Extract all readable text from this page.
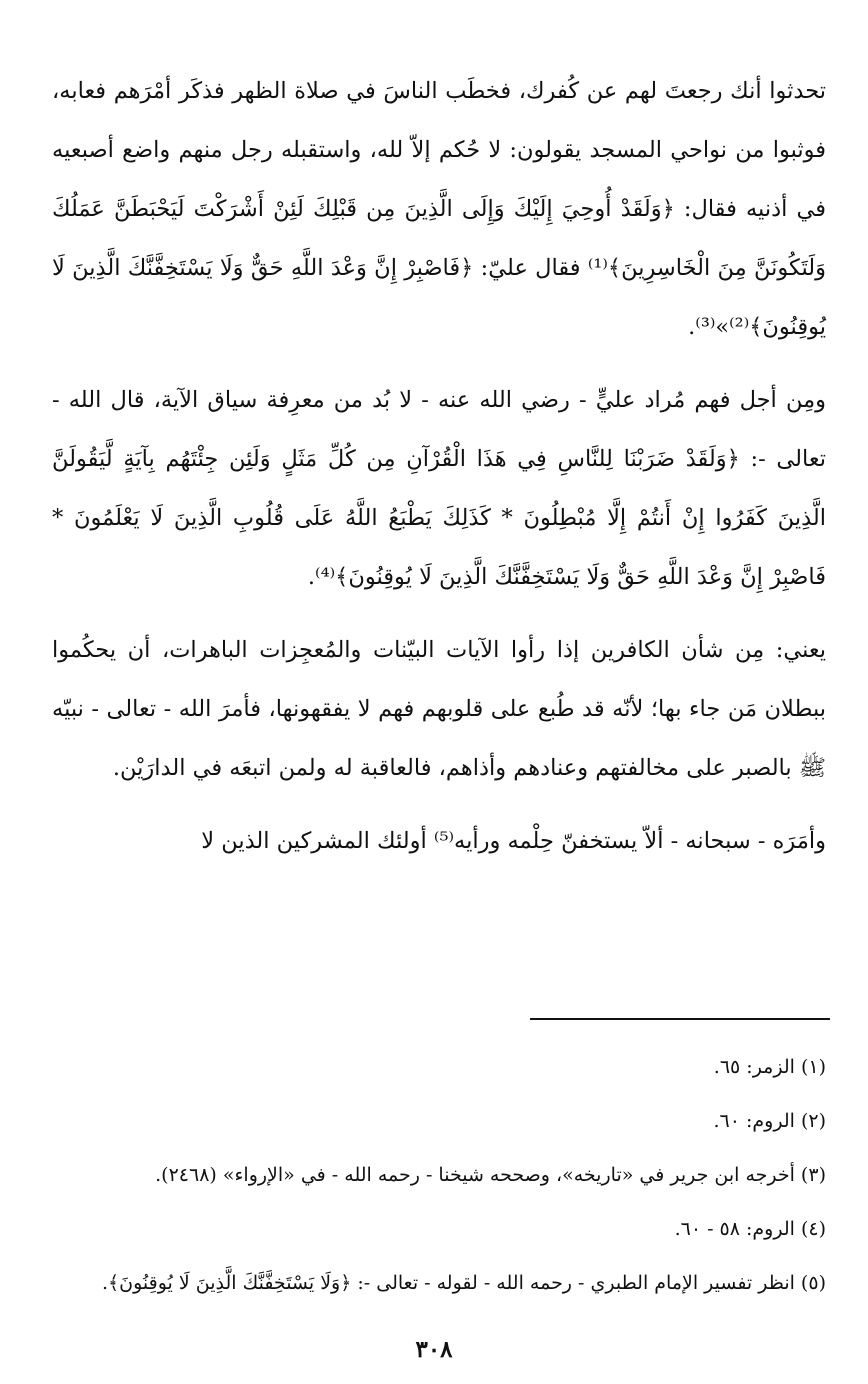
تحدثوا أنك رجعتَ لهم عن كُفرك، فخطَب الناسَ في صلاة الظهر فذكَر أمْرَهم فعابه، فوثبوا من نواحي المسجد يقولون: لا حُكم إلاّ لله، واستقبله رجل منهم واضع أصبعيه في أذنيه فقال: ﴿وَلَقَدْ أُوحِيَ إِلَيْكَ وَإِلَى الَّذِينَ مِن قَبْلِكَ لَئِنْ أَشْرَكْتَ لَيَحْبَطَنَّ عَمَلُكَ وَلَتَكُونَنَّ مِنَ الْخَاسِرِينَ﴾⁽¹⁾ فقال عليّ: ﴿فَاصْبِرْ إِنَّ وَعْدَ اللَّهِ حَقٌّ وَلَا يَسْتَخِفَّنَّكَ الَّذِينَ لَا يُوقِنُونَ﴾⁽²⁾»⁽³⁾.

ومِن أجل فهم مُراد عليٍّ - رضي الله عنه - لا بُد من معرِفة سياق الآية، قال الله - تعالى -: ﴿وَلَقَدْ ضَرَبْنَا لِلنَّاسِ فِي هَذَا الْقُرْآنِ مِن كُلِّ مَثَلٍ وَلَئِن جِئْتَهُم بِآيَةٍ لَّيَقُولَنَّ الَّذِينَ كَفَرُوا إِنْ أَنتُمْ إِلَّا مُبْطِلُونَ * كَذَلِكَ يَطْبَعُ اللَّهُ عَلَى قُلُوبِ الَّذِينَ لَا يَعْلَمُونَ * فَاصْبِرْ إِنَّ وَعْدَ اللَّهِ حَقٌّ وَلَا يَسْتَخِفَّنَّكَ الَّذِينَ لَا يُوقِنُونَ﴾⁽⁴⁾.

يعني: مِن شأن الكافرين إذا رأوا الآيات البيّنات والمُعجِزات الباهرات، أن يحكُموا ببطلان مَن جاء بها؛ لأنّه قد طُبع على قلوبهم فهم لا يفقهونها، فأمرَ الله - تعالى - نبيّه ﷺ بالصبر على مخالفتهم وعنادهم وأذاهم، فالعاقبة له ولمن اتبعَه في الدارَيْن.

وأمَرَه - سبحانه - ألاّ يستخفنّ حِلْمه ورأيه⁽⁵⁾ أولئك المشركين الذين لا

(١) الزمر: ٦٥.

(٢) الروم: ٦٠.

(٣) أخرجه ابن جرير في «تاريخه»، وصححه شيخنا - رحمه الله - في «الإرواء» (٢٤٦٨).

(٤) الروم: ٥٨ - ٦٠.

(٥) انظر تفسير الإمام الطبري - رحمه الله - لقوله - تعالى -: ﴿وَلَا يَسْتَخِفَّنَّكَ الَّذِينَ لَا يُوقِنُونَ﴾.

٣٠٨
